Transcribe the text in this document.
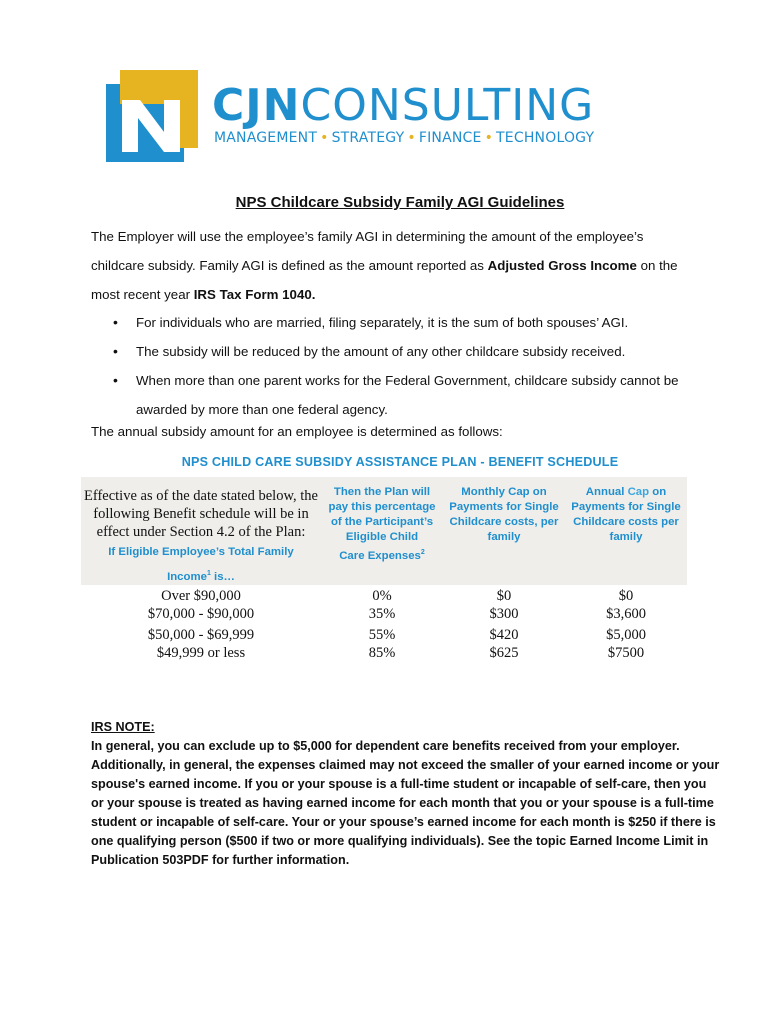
CJNCONSULTING
MANAGEMENT • STRATEGY • FINANCE • TECHNOLOGY
NPS Childcare Subsidy Family AGI Guidelines
The Employer will use the employee’s family AGI in determining the amount of the employee’s
childcare subsidy. Family AGI is defined as the amount reported as Adjusted Gross Income on the
most recent year IRS Tax Form 1040.
• For individuals who are married, filing separately, it is the sum of both spouses’ AGI.
• The subsidy will be reduced by the amount of any other childcare subsidy received.
• When more than one parent works for the Federal Government, childcare subsidy cannot be awarded by more than one federal agency.
The annual subsidy amount for an employee is determined as follows:
NPS CHILD CARE SUBSIDY ASSISTANCE PLAN - BENEFIT SCHEDULE
Effective as of the date stated below, the following Benefit schedule will be in effect under Section 4.2 of the Plan:
If Eligible Employee’s Total Family
Income$^1$ is…
Then the Plan will pay this percentage of the Participant’s Eligible Child
Care Expenses$^2$
Monthly Cap on Payments for Single Childcare costs, per family
Annual Cap on Payments for Single Childcare costs per family
Over $90,000	0%	$0	$0
$70,000 - $90,000	35%	$300	$3,600
$50,000 - $69,999	55%	$420	$5,000
$49,999 or less	85%	$625	$7500
IRS NOTE:
In general, you can exclude up to $5,000 for dependent care benefits received from your employer. Additionally, in general, the expenses claimed may not exceed the smaller of your earned income or your spouse's earned income. If you or your spouse is a full-time student or incapable of self-care, then you or your spouse is treated as having earned income for each month that you or your spouse is a full-time student or incapable of self-care. Your or your spouse’s earned income for each month is $250 if there is one qualifying person ($500 if two or more qualifying individuals). See the topic Earned Income Limit in Publication 503PDF for further information.
